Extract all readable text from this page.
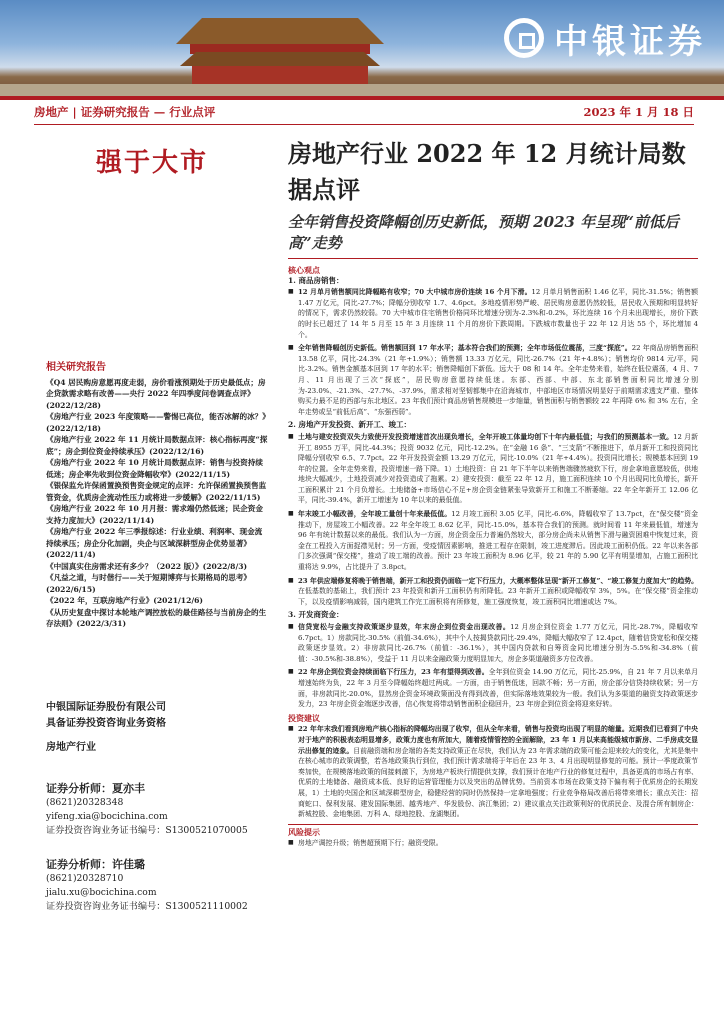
中银证券
房地产 | 证券研究报告 — 行业点评	2023 年 1 月 18 日
强于大市	房地产行业 2022 年 12 月统计局数据点评
全年销售投资降幅创历史新低，预期 2023 年呈现“前低后高”走势
相关研究报告
《Q4 居民购房意愿再度走弱，房价看涨预期处于历史最低点；房企贷款需求略有改善——央行 2022 年四季度问卷调查点评》(2022/12/28)
《房地产行业 2023 年度策略——警惕已高位，能否冰解的冰？》(2022/12/18)
《房地产行业 2022 年 11 月统计局数据点评：核心指标再度“探底”；房企到位资金持续承压》(2022/12/16)
《房地产行业 2022 年 10 月统计局数据点评：销售与投资持续低迷；房企率先收到位资金降幅收窄》(2022/11/15)
《银保监允许保函置换预售资金规定的点评：允许保函置换预售监管资金，优质房企流动性压力或将进一步缓解》(2022/11/15)
《房地产行业 2022 年 10 月月报：需求端仍然低迷；民企资金支持力度加大》(2022/11/14)
《房地产行业 2022 年三季报综述：行业业绩、利润率、现金流持续承压；房企分化加剧，央企与区域深耕型房企优势显著》(2022/11/4)
《中国真实住房需求还有多少？（2022 版）》(2022/8/3)
《凡益之道，与时偕行——关于短期博弈与长期格局的思考》(2022/6/15)
《2022 年，互联房地产行业》(2021/12/6)
《从历史复盘中探讨本轮地产调控放松的最佳路径与当前房企的生存法则》(2022/3/31)
中银国际证券股份有限公司
具备证券投资咨询业务资格
房地产行业
证券分析师：夏亦丰
(8621)20328348
yifeng.xia@bocichina.com
证券投资咨询业务证书编号：S1300521070005
证券分析师：许佳璐
(8621)20328710
jialu.xu@bocichina.com
证券投资咨询业务证书编号：S1300521110002
核心观点
1. 商品房销售：
■ 12 月单月销售额同比降幅略有收窄；70 大中城市房价连续 16 个月下滑。12 月单月销售面积 1.46 亿平，同比-31.5%；销售额 1.47 万亿元，同比-27.7%；降幅分别收窄 1.7、4.6pct。多地疫情形势严峻、居民购房意愿仍然较低，居民收入预期和明显转好的情况下，需求仍然较弱。70 大中城市住宅销售价格同环比增速分别为-2.3%和-0.2%，环比连续 16 个月未出现增长，房价下跌的时长已超过了 14 年 5 月至 15 年 3 月连续 11 个月的房价下跌周期。下跌城市数量也于 22 年 12 月达 55 个，环比增加 4 个。
■ 全年销售降幅创历史新低。销售额回到 17 年水平；基本符合我们的预测；全年市场低位震荡，三度“探底”。22 年商品房销售面积 13.58 亿平，同比-24.3%（21 年+1.9%）；销售额 13.33 万亿元，同比-26.7%（21 年+4.8%）；销售均价 9814 元/平，同比-3.2%。销售金额基本回到 17 年的水平；销售降幅创下新低。远大于 08 和 14 年。全年走势来看，始终在低位震荡，4 月、7 月、11 月出现了三次“探底”，居民购房意愿持续低迷。东部、西部、中部、东北部销售面积同比增速分别为-23.0%、-21.3%、-27.7%、-37.9%，需求相对坚韧都集中在沿海城市，中部地区市场情况明显好于前期需求透支严重、整体购买力最不足的西部与东北地区。23 年我们预计商品房销售规模进一步缩量，销售面积与销售额较 22 年再降 6% 和 3% 左右，全年走势或呈“前低后高”、“东强西弱”。
2. 房地产开发投资、新开工、竣工：
■ 土地与建安投资双失力致使开发投资增速首次出现负增长，全年开竣工体量均创下十年内最低值；与我们的预测基本一致。12 月新开工 8955 万平，同比-44.3%；投资 9032 亿元，同比-12.2%。在“金融 16 条”、“三支箭”不断推进下，单月新开工和投资同比降幅分别收窄 6.5、7.7pct。22 年开发投资金额 13.29 万亿元，同比-10.0%（21 年+4.4%）。投资同比增长；规模基本回到 19 年的位置。全年走势来看，投资增速一路下降。1）土地投资：自 21 年下半年以来销售端骤然疲软下行，房企拿地意愿较低，供地地块大幅减少，土地投资减少对投资造成了拖累。2）建安投资：截至 22 年 12 月，施工面积连续 10 个月出现同比负增长，新开工面积累计 21 个月负增长。土地储备+市场信心不足+房企资金链紧张导致新开工和施工不断萎缩。22 年全年新开工 12.06 亿平，同比-39.4%，新开工增速为 10 年以来的最低值。
■ 年末竣工小幅改善，全年竣工量创十年来最低值。12 月竣工面积 3.05 亿平，同比-6.6%，降幅收窄了 13.7pct，在“保交楼”资金推动下，房屋竣工小幅改善。22 年全年竣工 8.62 亿平，同比-15.0%，基本符合我们的预测。就时间看 11 年来最低值，增速为 96 年有统计数据以来的最低。我们认为一方面，房企资金压力普遍仍然较大，部分房企尚未从销售下滑与融资困难中恢复过来，资金在工程投入方面捉襟见肘；另一方面，受疫情因素影响，推进工程存在限制，竣工进度滞后。因此竣工面积仍低。22 年以来各部门多次强调“保交楼”，推动了竣工端的改善。预计 23 年竣工面积为 8.96 亿平，较 21 年的 5.90 亿平有明显增加，占施工面积比重将达 9.9%，占比提升了 3.8pct。
■ 23 年供应端修复将晚于销售端，新开工和投资仍面临一定下行压力，大概率整体呈现“新开工修复”、“竣工修复力度加大”的趋势。在低基数的基础上，我们预计 23 年投资和新开工面积仍有所降低。23 年新开工面积或降幅收窄 3%，5%。在“保交楼”资金推动下，以及疫情影响减弱，国内建筑工作完工面积将有所修复，施工强度恢复，竣工面积同比增速或达 7%。
3. 开发商资金：
■ 信贷宽松与金融支持政策逐步显效，年末房企到位资金出现改善。12 月房企到位资金 1.77 万亿元，同比-28.7%，降幅收窄 6.7pct。1）房款同比-30.5%（前值-34.6%），其中个人按揭贷款同比-29.4%，降幅大幅收窄了 12.4pct，随着信贷宽松和保交楼政策逐步显效。2）非房款同比-26.7%（前值：-36.1%），其中国内贷款和自筹资金同比增速分别为-5.5%和-34.8%（前值：-30.5%和-38.8%），受益于 11 月以来金融政策力度明显加大，房企多渠道融资多方位改善。
■ 22 年房企到位资金持续面临下行压力，23 年有望得到改善。全年到位资金 14.90 万亿元，同比-25.9%，自 21 年 7 月以来单月增速始终为负，22 年 3 月至今降幅始终超过两成。一方面，由于销售低迷，回款不畅；另一方面，房企部分信贷持续收紧；另一方面，非房款同比-20.0%，显然房企资金环境政策面没有得到改善，但实际落地效果较为一般。我们认为多渠道的融资支持政策逐步发力，23 年房企资金端逐步改善，信心恢复将带动销售面积企稳回升，23 年房企到位资金将迎来好转。
投资建议
■ 22 年年末我们看到房地产核心指标的降幅均出现了收窄，但从全年来看，销售与投资均出现了明显的缩量。近期我们已看到了中央对于地产的积极表态明显增多，政策力度也有所加大，随着疫情管控的全面解除，23 年 1 月以来高能级城市新房、二手房成交显示出修复的迹象。目前融资端和房企端的各类支持政策正在尽快，我们认为 23 年需求端的政策可能会迎来较大的变化，尤其是集中在核心城市的政策调整，若各地政策执行到位，我们预计需求端将于年后在 23 年 3、4 月出现明显修复的可能。预计一季度政策节奏加快，在规模落地政策的间接刺激下，为房地产板块行情提供支撑，我们预计在地产行业的修复过程中，具备更高的市场占有率、优质的土地储备、融资成本低、良好的运营管理能力以及突出的品牌优势。当前资本市场在政策支持下偏有利于优质房企的长期发展，1）土地的央国企和区域深耕型房企，稳健经营的同时仍然保持一定拿地强度；行业竞争格局改善后将带来增长；重点关注：招商蛇口、保利发展、建发国际集团、越秀地产、华发股份、滨江集团；2）建议重点关注政策利好的优质民企、及混合所有制房企：新城控股、金地集团、万科 A、绿地控股、龙湖集团。
风险提示
■ 房地产调控升级；销售超预期下行；融资受限。
